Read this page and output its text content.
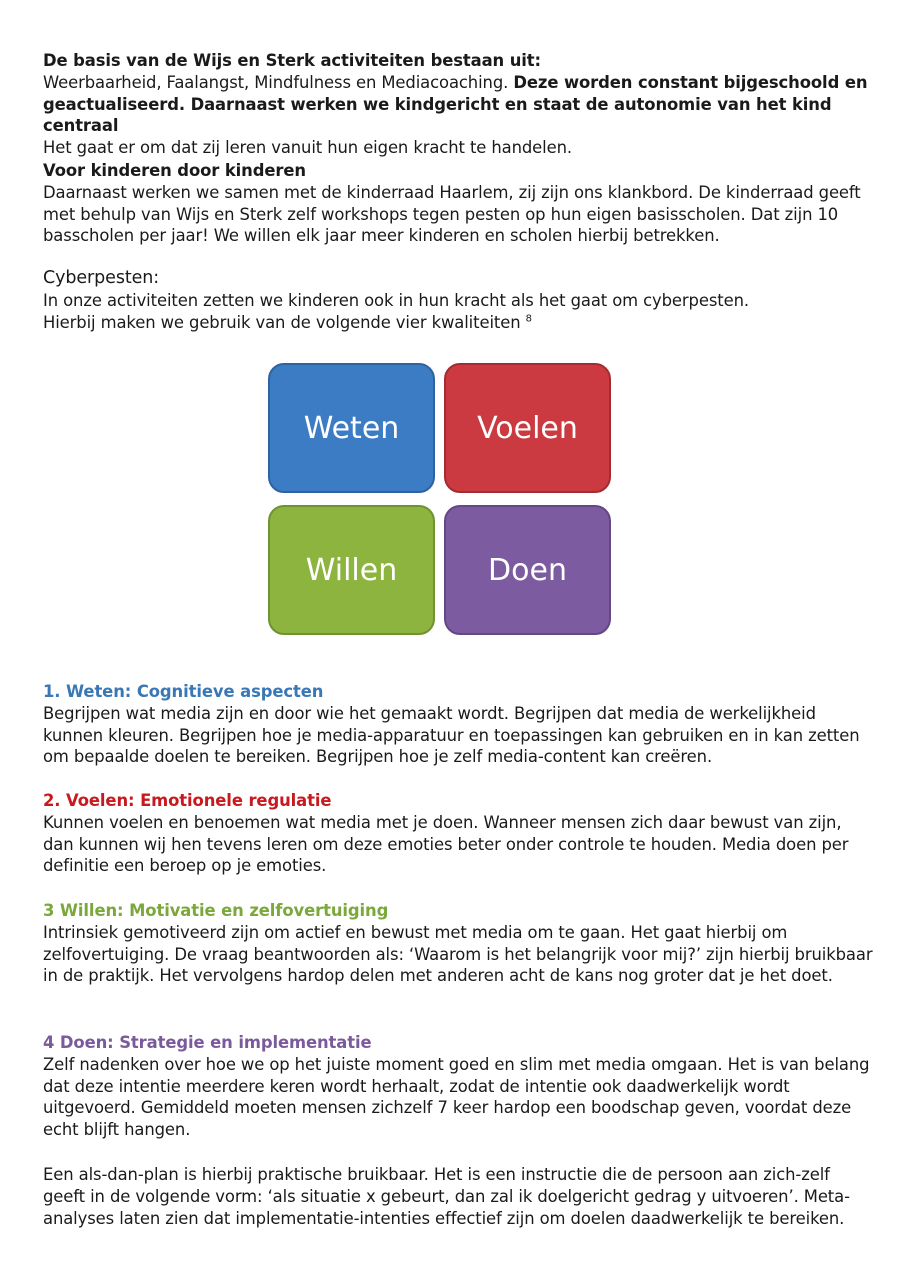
De basis van de Wijs en Sterk activiteiten bestaan uit:

Weerbaarheid, Faalangst, Mindfulness en Mediacoaching. Deze worden constant bijgeschoold en geactualiseerd. Daarnaast werken we kindgericht en staat de autonomie van het kind centraal

Het gaat er om dat zij leren vanuit hun eigen kracht te handelen.

Voor kinderen door kinderen

Daarnaast werken we samen met de kinderraad Haarlem, zij zijn ons klankbord. De kinderraad geeft met behulp van Wijs en Sterk zelf workshops tegen pesten op hun eigen basisscholen. Dat zijn 10 basscholen per jaar! We willen elk jaar meer kinderen en scholen hierbij betrekken.

Cyberpesten:

In onze activiteiten zetten we kinderen ook in hun kracht als het gaat om cyberpesten.

Hierbij maken we gebruik van de volgende vier kwaliteiten $^8$

Weten	Voelen
Willen	Doen

1. Weten: Cognitieve aspecten

Begrijpen wat media zijn en door wie het gemaakt wordt. Begrijpen dat media de werkelijkheid kunnen kleuren. Begrijpen hoe je media-apparatuur en toepassingen kan gebruiken en in kan zetten om bepaalde doelen te bereiken. Begrijpen hoe je zelf media-content kan creëren.

2. Voelen: Emotionele regulatie

Kunnen voelen en benoemen wat media met je doen. Wanneer mensen zich daar bewust van zijn, dan kunnen wij hen tevens leren om deze emoties beter onder controle te houden. Media doen per definitie een beroep op je emoties.

3 Willen: Motivatie en zelfovertuiging

Intrinsiek gemotiveerd zijn om actief en bewust met media om te gaan. Het gaat hierbij om zelfovertuiging. De vraag beantwoorden als: ‘Waarom is het belangrijk voor mij?’ zijn hierbij bruikbaar in de praktijk. Het vervolgens hardop delen met anderen acht de kans nog groter dat je het doet.

4 Doen: Strategie en implementatie

Zelf nadenken over hoe we op het juiste moment goed en slim met media omgaan. Het is van belang dat deze intentie meerdere keren wordt herhaalt, zodat de intentie ook daadwerkelijk wordt uitgevoerd. Gemiddeld moeten mensen zichzelf 7 keer hardop een boodschap geven, voordat deze echt blijft hangen.

Een als-dan-plan is hierbij praktische bruikbaar. Het is een instructie die de persoon aan zich-zelf geeft in de volgende vorm: ‘als situatie x gebeurt, dan zal ik doelgericht gedrag y uitvoeren’. Meta-analyses laten zien dat implementatie-intenties effectief zijn om doelen daadwerkelijk te bereiken.
